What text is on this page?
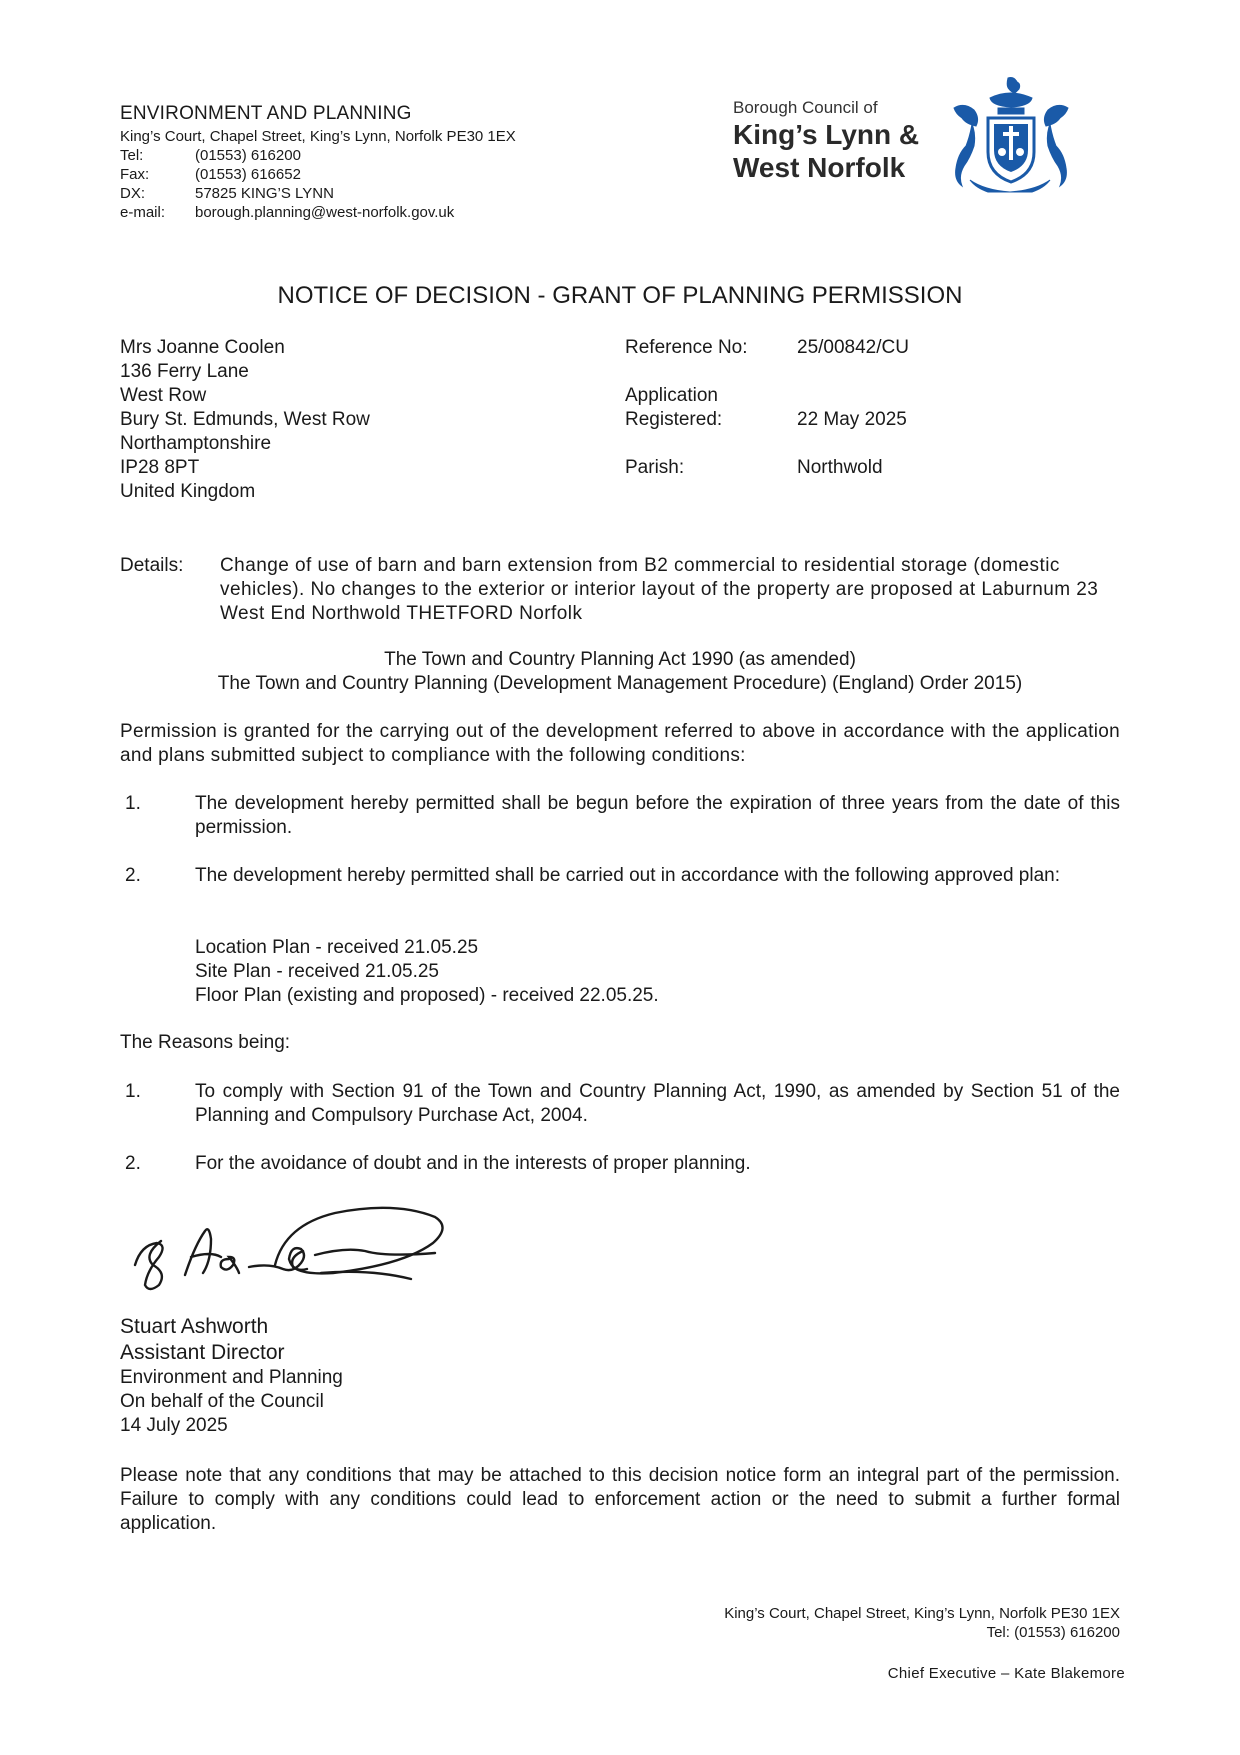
ENVIRONMENT AND PLANNING
King’s Court, Chapel Street, King’s Lynn, Norfolk PE30 1EX
Tel:	(01553) 616200
Fax:	(01553) 616652
DX:	57825 KING’S LYNN
e-mail:	borough.planning@west-norfolk.gov.uk
Borough Council of
King’s Lynn &
West Norfolk
NOTICE OF DECISION - GRANT OF PLANNING PERMISSION
Mrs Joanne Coolen
136 Ferry Lane
West Row
Bury St. Edmunds, West Row
Northamptonshire
IP28 8PT
United Kingdom
Reference No:	25/00842/CU
Application
Registered:	22 May 2025
Parish:	Northwold
Details: Change of use of barn and barn extension from B2 commercial to residential storage (domestic vehicles). No changes to the exterior or interior layout of the property are proposed at Laburnum 23 West End Northwold THETFORD Norfolk
The Town and Country Planning Act 1990 (as amended)
The Town and Country Planning (Development Management Procedure) (England) Order 2015)
Permission is granted for the carrying out of the development referred to above in accordance with the application and plans submitted subject to compliance with the following conditions:
1.	The development hereby permitted shall be begun before the expiration of three years from the date of this permission.
2.	The development hereby permitted shall be carried out in accordance with the following approved plan:
Location Plan - received 21.05.25
Site Plan - received 21.05.25
Floor Plan (existing and proposed) - received 22.05.25.
The Reasons being:
1.	To comply with Section 91 of the Town and Country Planning Act, 1990, as amended by Section 51 of the Planning and Compulsory Purchase Act, 2004.
2.	For the avoidance of doubt and in the interests of proper planning.
Stuart Ashworth
Assistant Director
Environment and Planning
On behalf of the Council
14 July 2025
Please note that any conditions that may be attached to this decision notice form an integral part of the permission. Failure to comply with any conditions could lead to enforcement action or the need to submit a further formal application.
King’s Court, Chapel Street, King’s Lynn, Norfolk PE30 1EX
Tel: (01553) 616200
Chief Executive – Kate Blakemore
